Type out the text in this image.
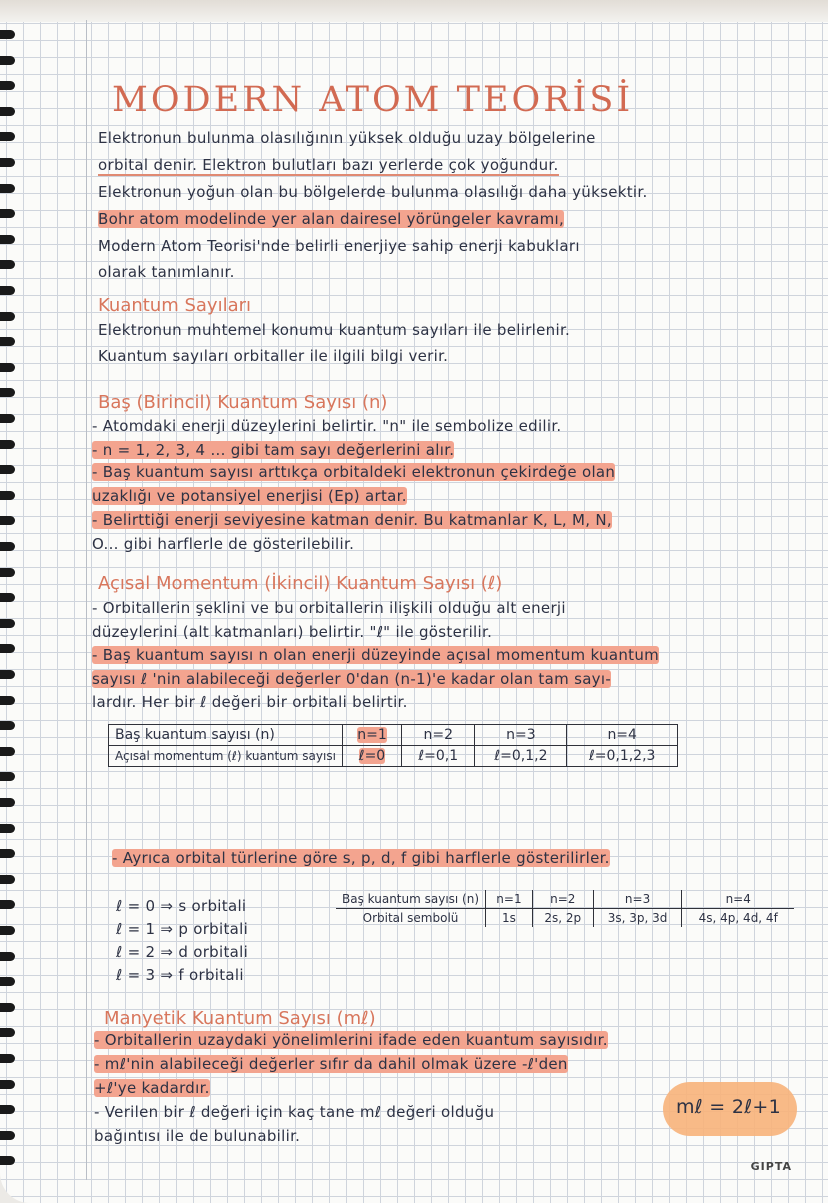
MODERN ATOM TEORİSİ
Elektronun bulunma olasılığının yüksek olduğu uzay bölgelerine
orbital denir. Elektron bulutları bazı yerlerde çok yoğundur.
Elektronun yoğun olan bu bölgelerde bulunma olasılığı daha yüksektir.
Bohr atom modelinde yer alan dairesel yörüngeler kavramı,
Modern Atom Teorisi'nde belirli enerjiye sahip enerji kabukları
olarak tanımlanır.
Kuantum Sayıları
Elektronun muhtemel konumu kuantum sayıları ile belirlenir.
Kuantum sayıları orbitaller ile ilgili bilgi verir.
Baş (Birincil) Kuantum Sayısı (n)
- Atomdaki enerji düzeylerini belirtir. "n" ile sembolize edilir.
- n = 1, 2, 3, 4 ... gibi tam sayı değerlerini alır.
- Baş kuantum sayısı arttıkça orbitaldeki elektronun çekirdeğe olan
uzaklığı ve potansiyel enerjisi (Ep) artar.
- Belirttiği enerji seviyesine katman denir. Bu katmanlar K, L, M, N,
O... gibi harflerle de gösterilebilir.
Açısal Momentum (İkincil) Kuantum Sayısı (ℓ)
- Orbitallerin şeklini ve bu orbitallerin ilişkili olduğu alt enerji
düzeylerini (alt katmanları) belirtir. "ℓ" ile gösterilir.
- Baş kuantum sayısı n olan enerji düzeyinde açısal momentum kuantum
sayısı ℓ 'nin alabileceği değerler 0'dan (n-1)'e kadar olan tam sayı-
lardır. Her bir ℓ değeri bir orbitali belirtir.
Baş kuantum sayısı (n)	n=1	n=2	n=3	n=4
Açısal momentum (ℓ) kuantum sayısı	ℓ=0	ℓ=0,1	ℓ=0,1,2	ℓ=0,1,2,3
- Ayrıca orbital türlerine göre s, p, d, f gibi harflerle gösterilirler.
ℓ = 0 ⇒ s orbitali
ℓ = 1 ⇒ p orbitali
ℓ = 2 ⇒ d orbitali
ℓ = 3 ⇒ f orbitali
Baş kuantum sayısı (n)	n=1	n=2	n=3	n=4
Orbital sembolü	1s	2s, 2p	3s, 3p, 3d	4s, 4p, 4d, 4f
Manyetik Kuantum Sayısı (mℓ)
- Orbitallerin uzaydaki yönelimlerini ifade eden kuantum sayısıdır.
- mℓ'nin alabileceği değerler sıfır da dahil olmak üzere -ℓ'den
+ℓ'ye kadardır.
- Verilen bir ℓ değeri için kaç tane mℓ değeri olduğu	mℓ = 2ℓ+1
bağıntısı ile de bulunabilir.
GIPTA
